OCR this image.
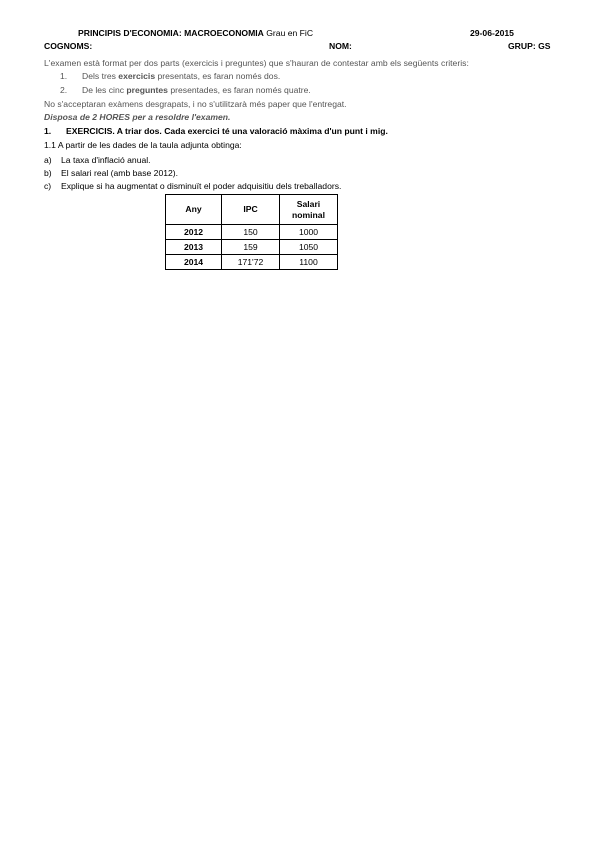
PRINCIPIS D'ECONOMIA: MACROECONOMIA Grau en FiC	29-06-2015
COGNOMS:	NOM:	GRUP: GS
L'examen està format per dos parts (exercicis i preguntes) que s'hauran de contestar amb els següents criteris:
1. Dels tres exercicis presentats, es faran només dos.
2. De les cinc preguntes presentades, es faran només quatre.
No s'acceptaran exàmens desgrapats, i no s'utilitzarà més paper que l'entregat.
Disposa de 2 HORES per a resoldre l'examen.
1. EXERCICIS. A triar dos. Cada exercici té una valoració màxima d'un punt i mig.
1.1 A partir de les dades de la taula adjunta obtinga:
a) La taxa d'inflació anual.
b) El salari real (amb base 2012).
c) Explique si ha augmentat o disminuït el poder adquisitiu dels treballadors.
Any	IPC	Salari nominal
2012	150	1000
2013	159	1050
2014	171'72	1100
